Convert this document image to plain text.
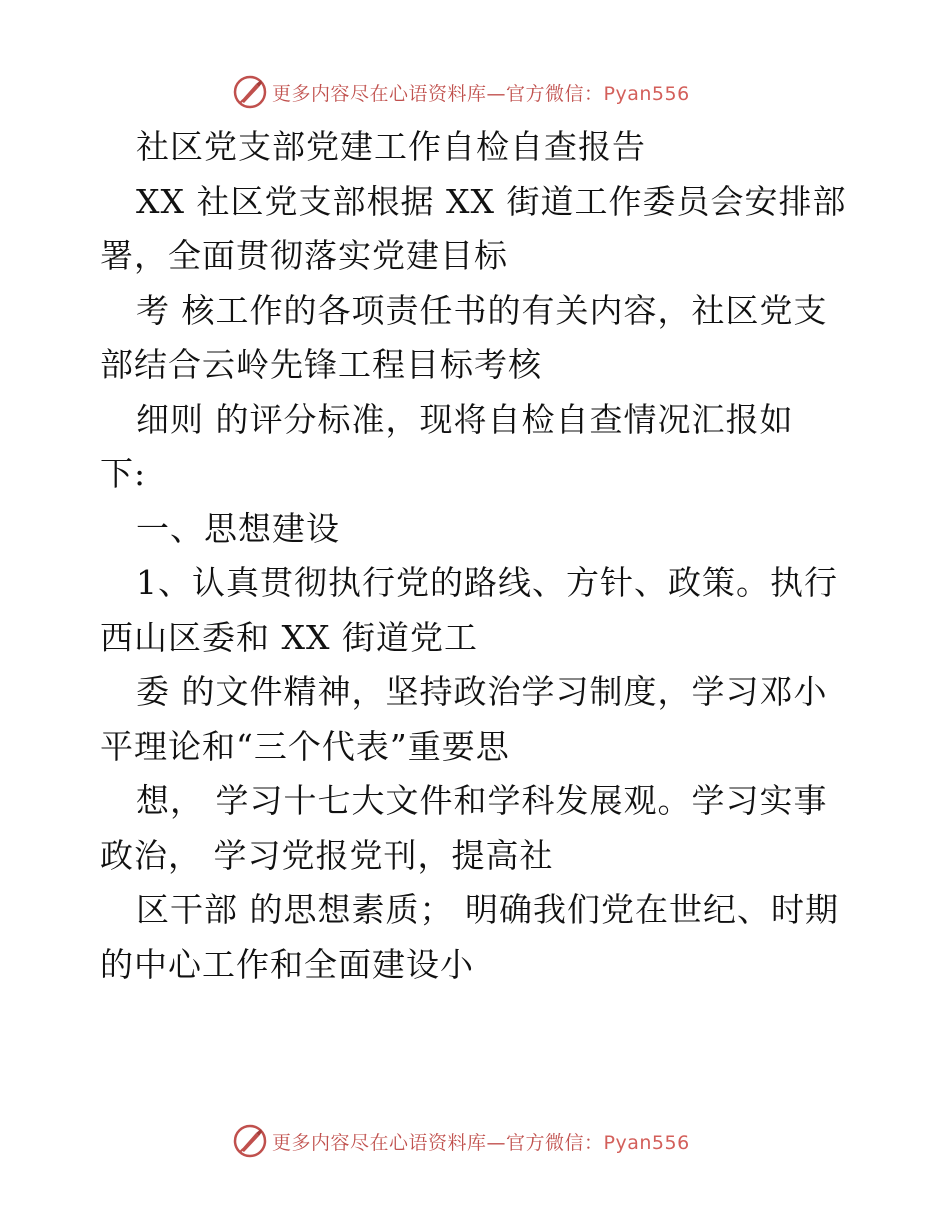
更多内容尽在心语资料库—官方微信：Pyan556
社区党支部党建工作自检自查报告
XX 社区党支部根据 XX 街道工作委员会安排部
署，全面贯彻落实党建目标
考 核工作的各项责任书的有关内容，社区党支
部结合云岭先锋工程目标考核
细则 的评分标准，现将自检自查情况汇报如
下:
一、思想建设
1、认真贯彻执行党的路线、方针、政策。执行
西山区委和 XX 街道党工
委 的文件精神，坚持政治学习制度，学习邓小
平理论和“三个代表”重要思
想， 学习十七大文件和学科发展观。学习实事
政治， 学习党报党刊，提高社
区干部 的思想素质； 明确我们党在世纪、时期
的中心工作和全面建设小
更多内容尽在心语资料库—官方微信：Pyan556
